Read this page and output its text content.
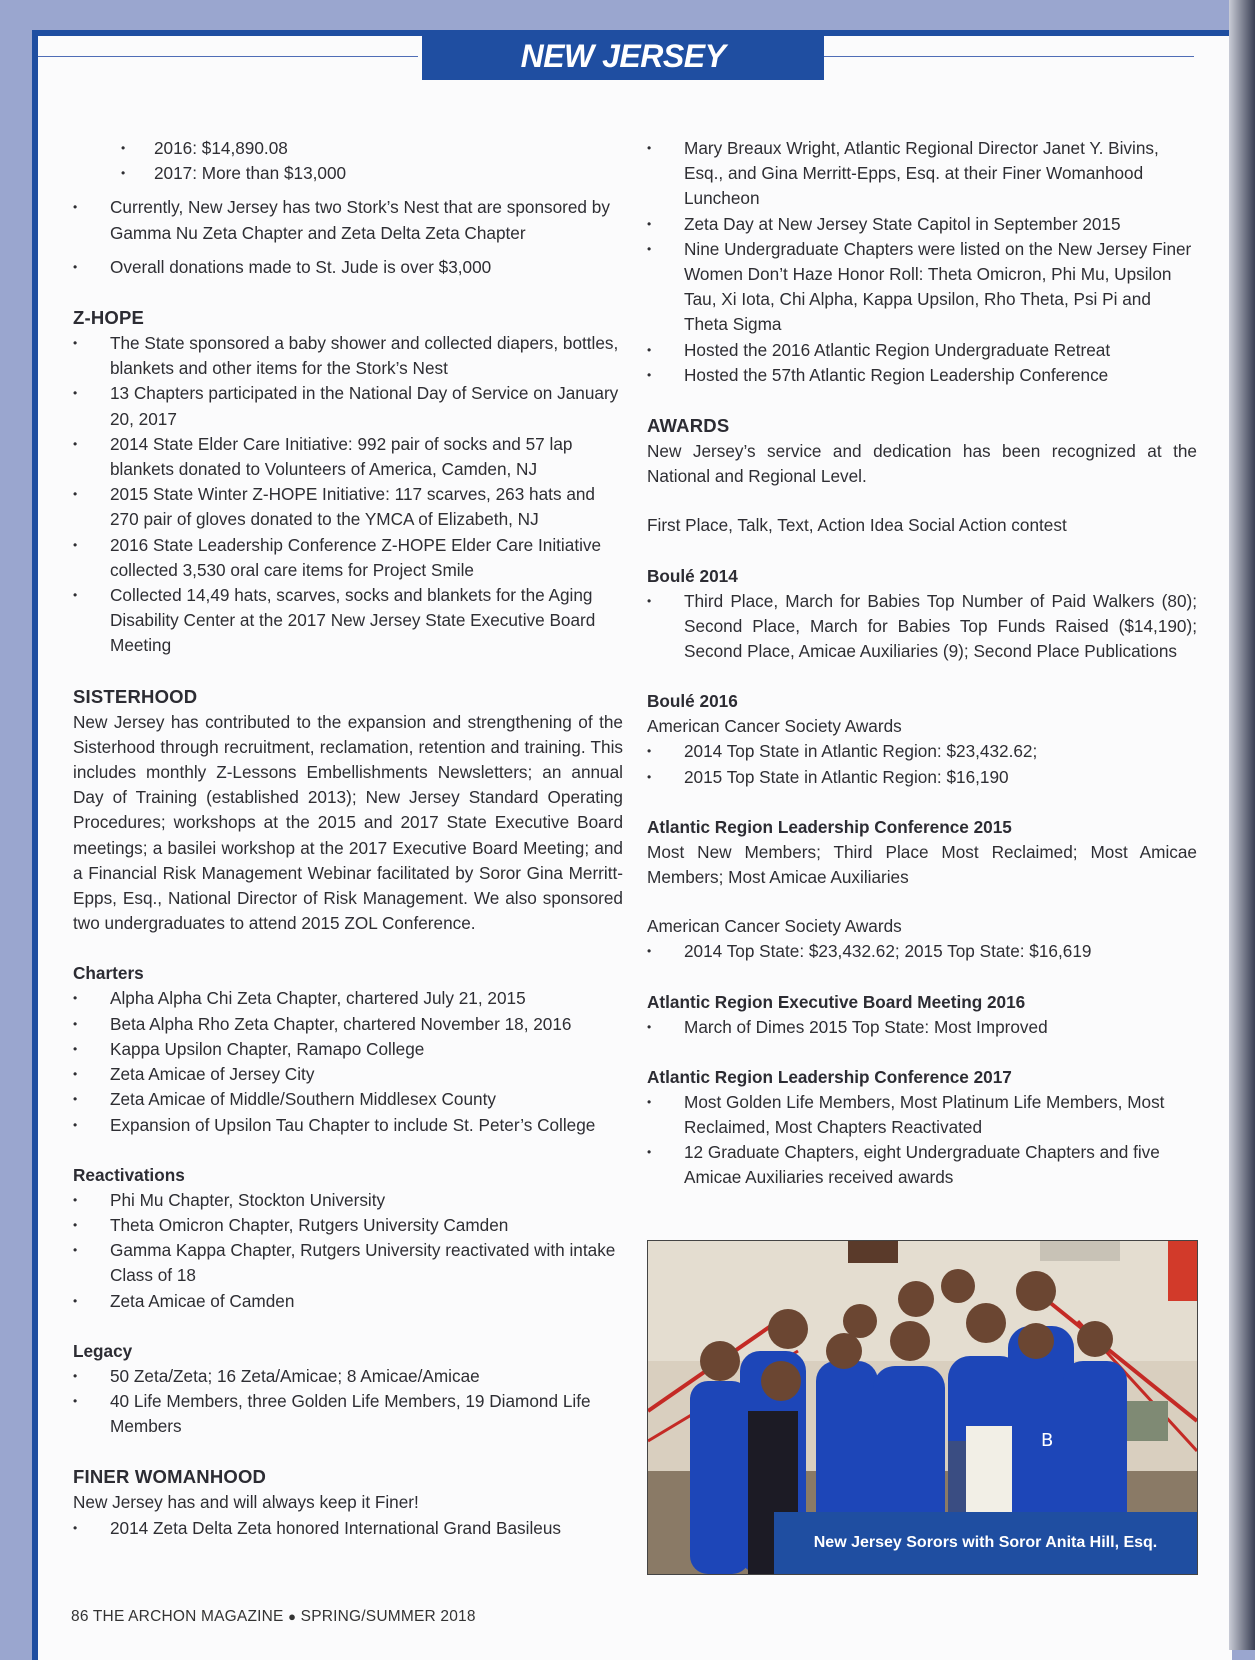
NEW JERSEY
• 2016: $14,890.08
• 2017: More than $13,000
• Currently, New Jersey has two Stork’s Nest that are sponsored by Gamma Nu Zeta Chapter and Zeta Delta Zeta Chapter
• Overall donations made to St. Jude is over $3,000
Z-HOPE
• The State sponsored a baby shower and collected diapers, bottles, blankets and other items for the Stork’s Nest
• 13 Chapters participated in the National Day of Service on January 20, 2017
• 2014 State Elder Care Initiative: 992 pair of socks and 57 lap blankets donated to Volunteers of America, Camden, NJ
• 2015 State Winter Z-HOPE Initiative: 117 scarves, 263 hats and 270 pair of gloves donated to the YMCA of Elizabeth, NJ
• 2016 State Leadership Conference Z-HOPE Elder Care Initiative collected 3,530 oral care items for Project Smile
• Collected 14,49 hats, scarves, socks and blankets for the Aging Disability Center at the 2017 New Jersey State Executive Board Meeting
SISTERHOOD

New Jersey has contributed to the expansion and strengthening of the Sisterhood through recruitment, reclamation, retention and training. This includes monthly Z-Lessons Embellishments Newsletters; an annual Day of Training (established 2013); New Jersey Standard Operating Procedures; workshops at the 2015 and 2017 State Executive Board meetings; a basilei workshop at the 2017 Executive Board Meeting; and a Financial Risk Management Webinar facilitated by Soror Gina Merritt-Epps, Esq., National Director of Risk Management. We also sponsored two undergraduates to attend 2015 ZOL Conference.

Charters
• Alpha Alpha Chi Zeta Chapter, chartered July 21, 2015
• Beta Alpha Rho Zeta Chapter, chartered November 18, 2016
• Kappa Upsilon Chapter, Ramapo College
• Zeta Amicae of Jersey City
• Zeta Amicae of Middle/Southern Middlesex County
• Expansion of Upsilon Tau Chapter to include St. Peter’s College
Reactivations
• Phi Mu Chapter, Stockton University
• Theta Omicron Chapter, Rutgers University Camden
• Gamma Kappa Chapter, Rutgers University reactivated with intake Class of 18
• Zeta Amicae of Camden
Legacy
• 50 Zeta/Zeta; 16 Zeta/Amicae; 8 Amicae/Amicae
• 40 Life Members, three Golden Life Members, 19 Diamond Life Members
FINER WOMANHOOD

New Jersey has and will always keep it Finer!

• 2014 Zeta Delta Zeta honored International Grand Basileus
• Mary Breaux Wright, Atlantic Regional Director Janet Y. Bivins, Esq., and Gina Merritt-Epps, Esq. at their Finer Womanhood Luncheon
• Zeta Day at New Jersey State Capitol in September 2015
• Nine Undergraduate Chapters were listed on the New Jersey Finer Women Don’t Haze Honor Roll: Theta Omicron, Phi Mu, Upsilon Tau, Xi Iota, Chi Alpha, Kappa Upsilon, Rho Theta, Psi Pi and Theta Sigma
• Hosted the 2016 Atlantic Region Undergraduate Retreat
• Hosted the 57th Atlantic Region Leadership Conference
AWARDS

New Jersey’s service and dedication has been recognized at the National and Regional Level.

First Place, Talk, Text, Action Idea Social Action contest

Boulé 2014
• Third Place, March for Babies Top Number of Paid Walkers (80); Second Place, March for Babies Top Funds Raised ($14,190); Second Place, Amicae Auxiliaries (9); Second Place Publications
Boulé 2016

American Cancer Society Awards

• 2014 Top State in Atlantic Region: $23,432.62;
• 2015 Top State in Atlantic Region: $16,190
Atlantic Region Leadership Conference 2015

Most New Members; Third Place Most Reclaimed; Most Amicae Members; Most Amicae Auxiliaries

American Cancer Society Awards

• 2014 Top State: $23,432.62; 2015 Top State: $16,619
Atlantic Region Executive Board Meeting 2016
• March of Dimes 2015 Top State: Most Improved
Atlantic Region Leadership Conference 2017
• Most Golden Life Members, Most Platinum Life Members, Most Reclaimed, Most Chapters Reactivated
• 12 Graduate Chapters, eight Undergraduate Chapters and five Amicae Auxiliaries received awards
B
New Jersey Sorors with Soror Anita Hill, Esq.
86 THE ARCHON MAGAZINE ● SPRING/SUMMER 2018
